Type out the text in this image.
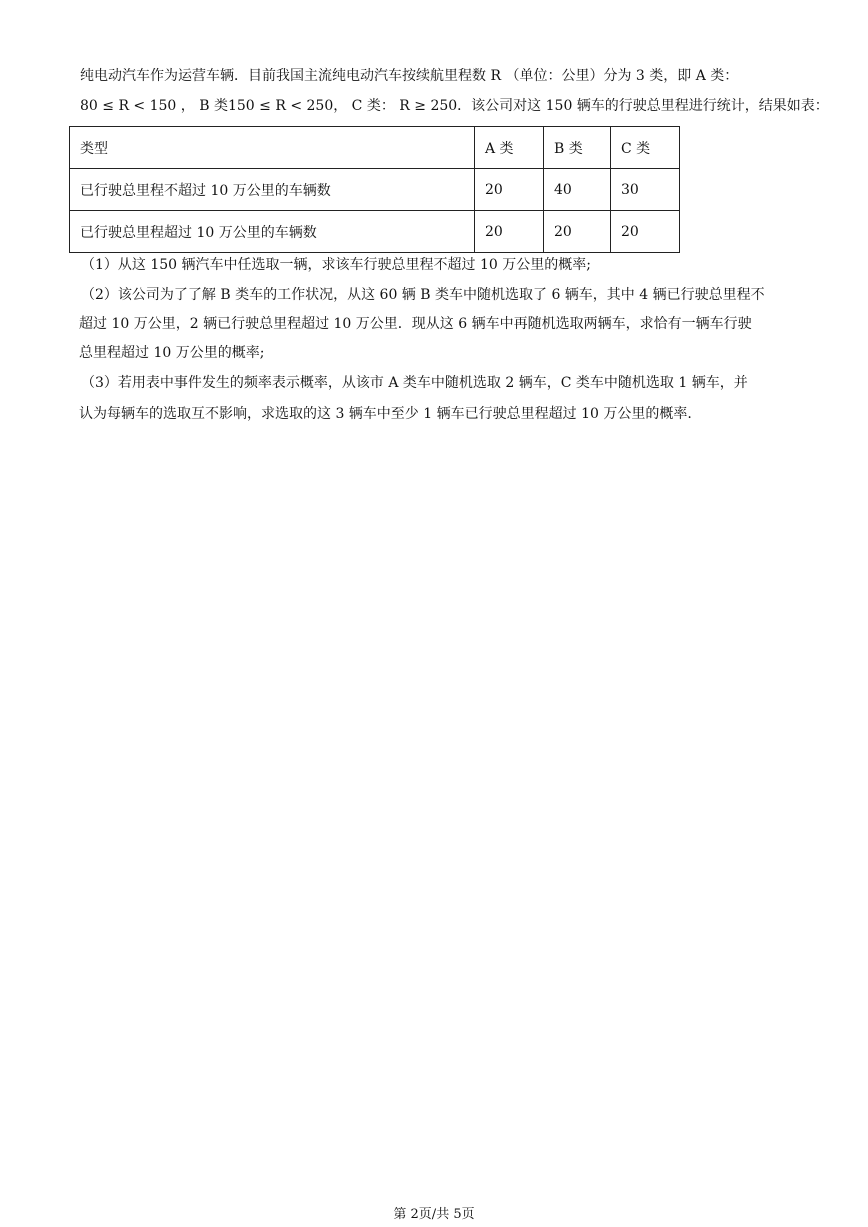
纯电动汽车作为运营车辆．目前我国主流纯电动汽车按续航里程数 R （单位：公里）分为 3 类，即 A 类：
80 ≤ R < 150 ， B 类150 ≤ R < 250， C 类： R ≥ 250．该公司对这 150 辆车的行驶总里程进行统计，结果如表：
类型	A 类	B 类	C 类
已行驶总里程不超过 10 万公里的车辆数	20	40	30
已行驶总里程超过 10 万公里的车辆数	20	20	20
（1）从这 150 辆汽车中任选取一辆，求该车行驶总里程不超过 10 万公里的概率;
（2）该公司为了了解 B 类车的工作状况，从这 60 辆 B 类车中随机选取了 6 辆车，其中 4 辆已行驶总里程不
超过 10 万公里，2 辆已行驶总里程超过 10 万公里．现从这 6 辆车中再随机选取两辆车，求恰有一辆车行驶
总里程超过 10 万公里的概率;
（3）若用表中事件发生的频率表示概率，从该市 A 类车中随机选取 2 辆车，C 类车中随机选取 1 辆车，并
认为每辆车的选取互不影响，求选取的这 3 辆车中至少 1 辆车已行驶总里程超过 10 万公里的概率.
第 2页/共 5页
